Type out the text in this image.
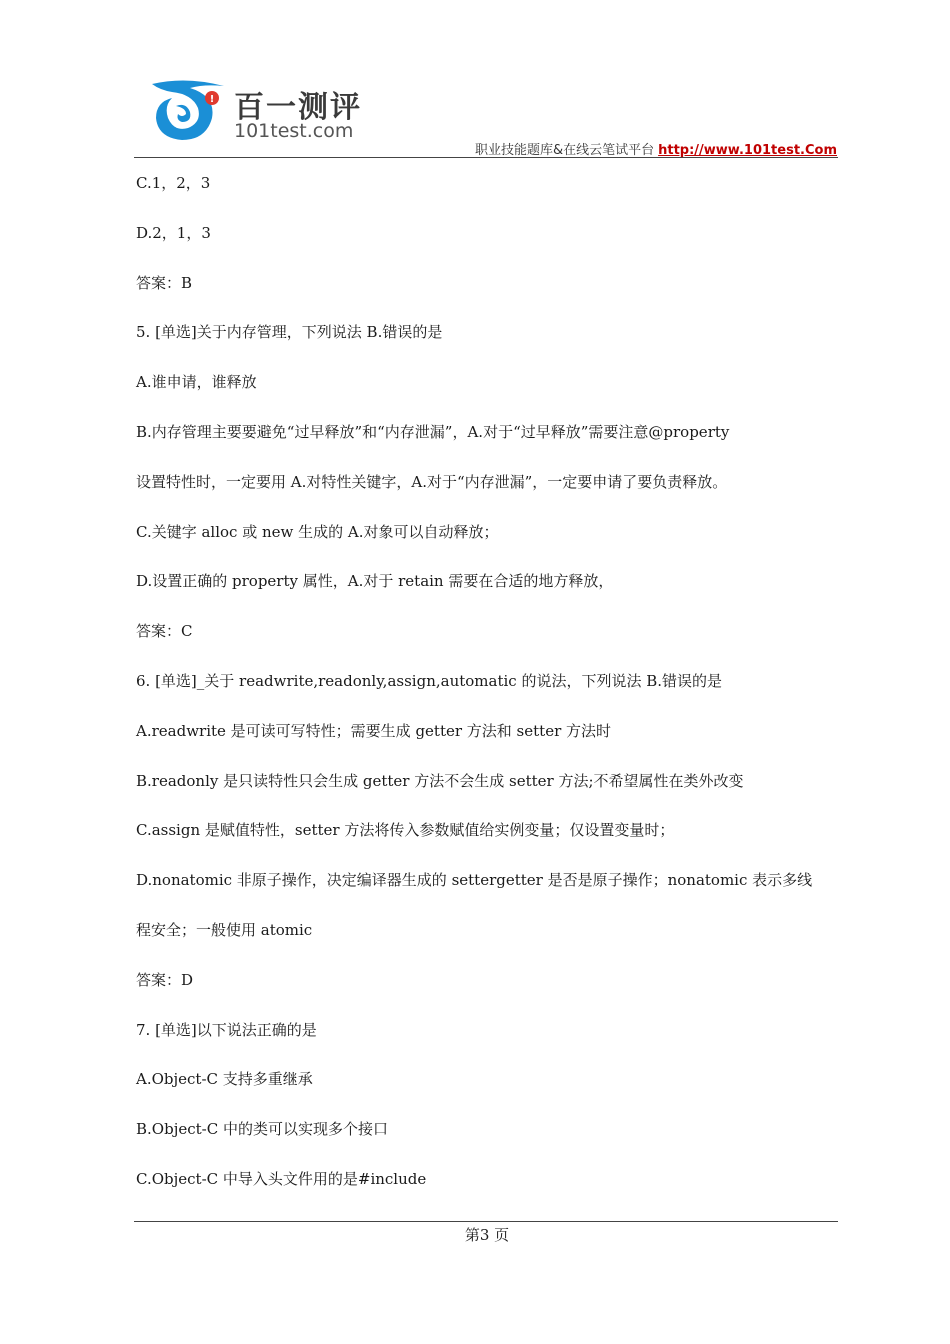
! 百一测评
101test.com
职业技能题库&在线云笔试平台 http://www.101test.Com
C.1，2，3
D.2，1，3
答案：B
5. [单选]关于内存管理，下列说法 B.错误的是
A.谁申请，谁释放
B.内存管理主要要避免“过早释放”和“内存泄漏”，A.对于“过早释放”需要注意@property
设置特性时，一定要用 A.对特性关键字，A.对于“内存泄漏”，一定要申请了要负责释放。
C.关键字 alloc 或 new 生成的 A.对象可以自动释放；
D.设置正确的 property 属性，A.对于 retain 需要在合适的地方释放，
答案：C
6. [单选]_关于 readwrite,readonly,assign,automatic 的说法，下列说法 B.错误的是
A.readwrite 是可读可写特性；需要生成 getter 方法和 setter 方法时
B.readonly 是只读特性只会生成 getter 方法不会生成 setter 方法;不希望属性在类外改变
C.assign 是赋值特性，setter 方法将传入参数赋值给实例变量；仅设置变量时；
D.nonatomic 非原子操作，决定编译器生成的 settergetter 是否是原子操作；nonatomic 表示多线
程安全；一般使用 atomic
答案：D
7. [单选]以下说法正确的是
A.Object-C 支持多重继承
B.Object-C 中的类可以实现多个接口
C.Object-C 中导入头文件用的是#include
第3 页
